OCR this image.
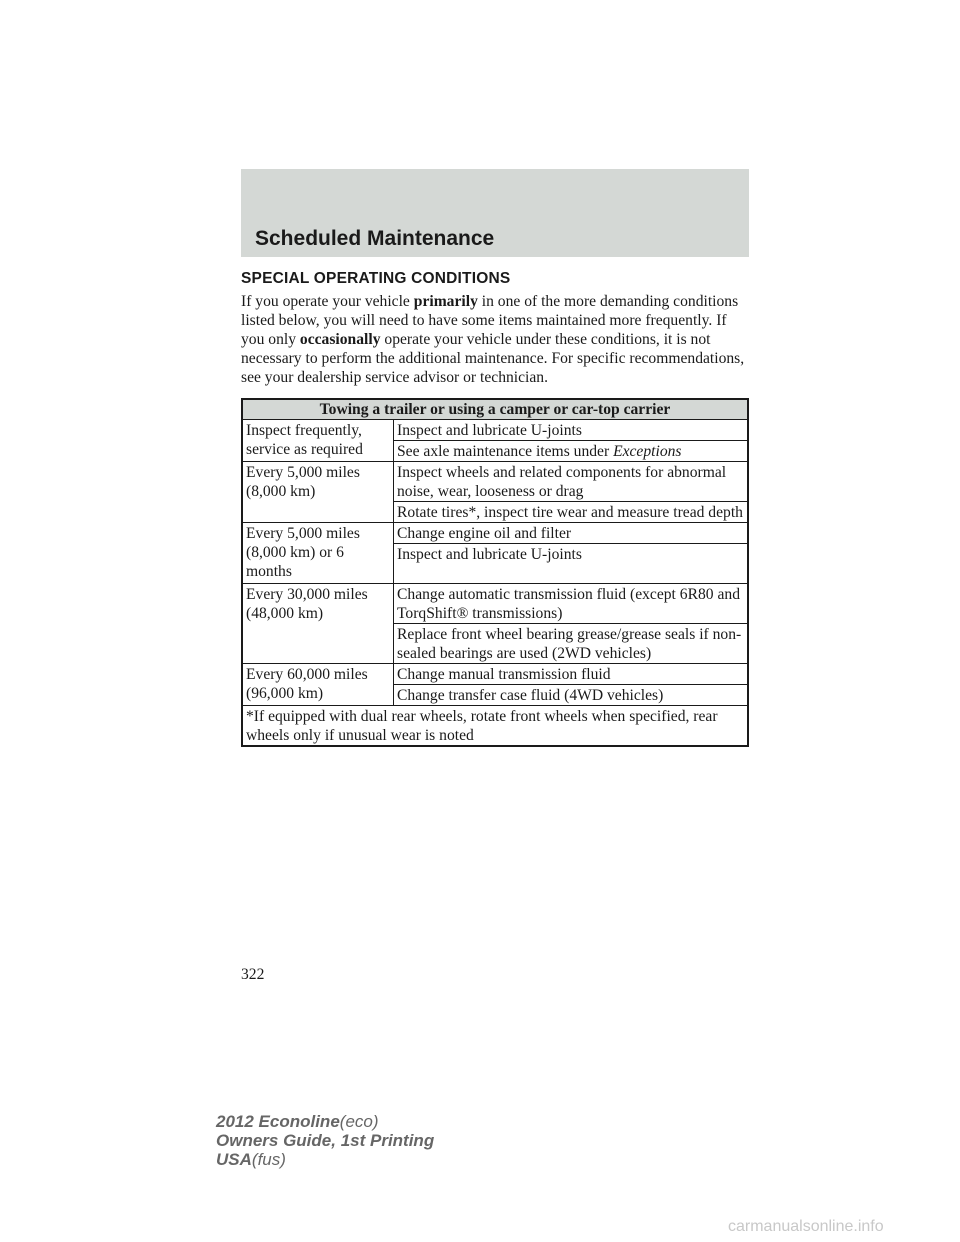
Scheduled Maintenance
SPECIAL OPERATING CONDITIONS
If you operate your vehicle primarily in one of the more demanding conditions listed below, you will need to have some items maintained more frequently. If you only occasionally operate your vehicle under these conditions, it is not necessary to perform the additional maintenance. For specific recommendations, see your dealership service advisor or technician.
Towing a trailer or using a camper or car-top carrier	
Inspect frequently, service as required	Inspect and lubricate U-joints
	See axle maintenance items under Exceptions
Every 5,000 miles (8,000 km)	Inspect wheels and related components for abnormal noise, wear, looseness or drag
	Rotate tires*, inspect tire wear and measure tread depth
Every 5,000 miles (8,000 km) or 6 months	Change engine oil and filter
	Inspect and lubricate U-joints
Every 30,000 miles (48,000 km)	Change automatic transmission fluid (except 6R80 and TorqShift® transmissions)
	Replace front wheel bearing grease/grease seals if non-sealed bearings are used (2WD vehicles)
Every 60,000 miles (96,000 km)	Change manual transmission fluid
	Change transfer case fluid (4WD vehicles)
*If equipped with dual rear wheels, rotate front wheels when specified, rear wheels only if unusual wear is noted	
322
2012 Econoline(eco)
Owners Guide, 1st Printing
USA(fus)
carmanualsonline.info
